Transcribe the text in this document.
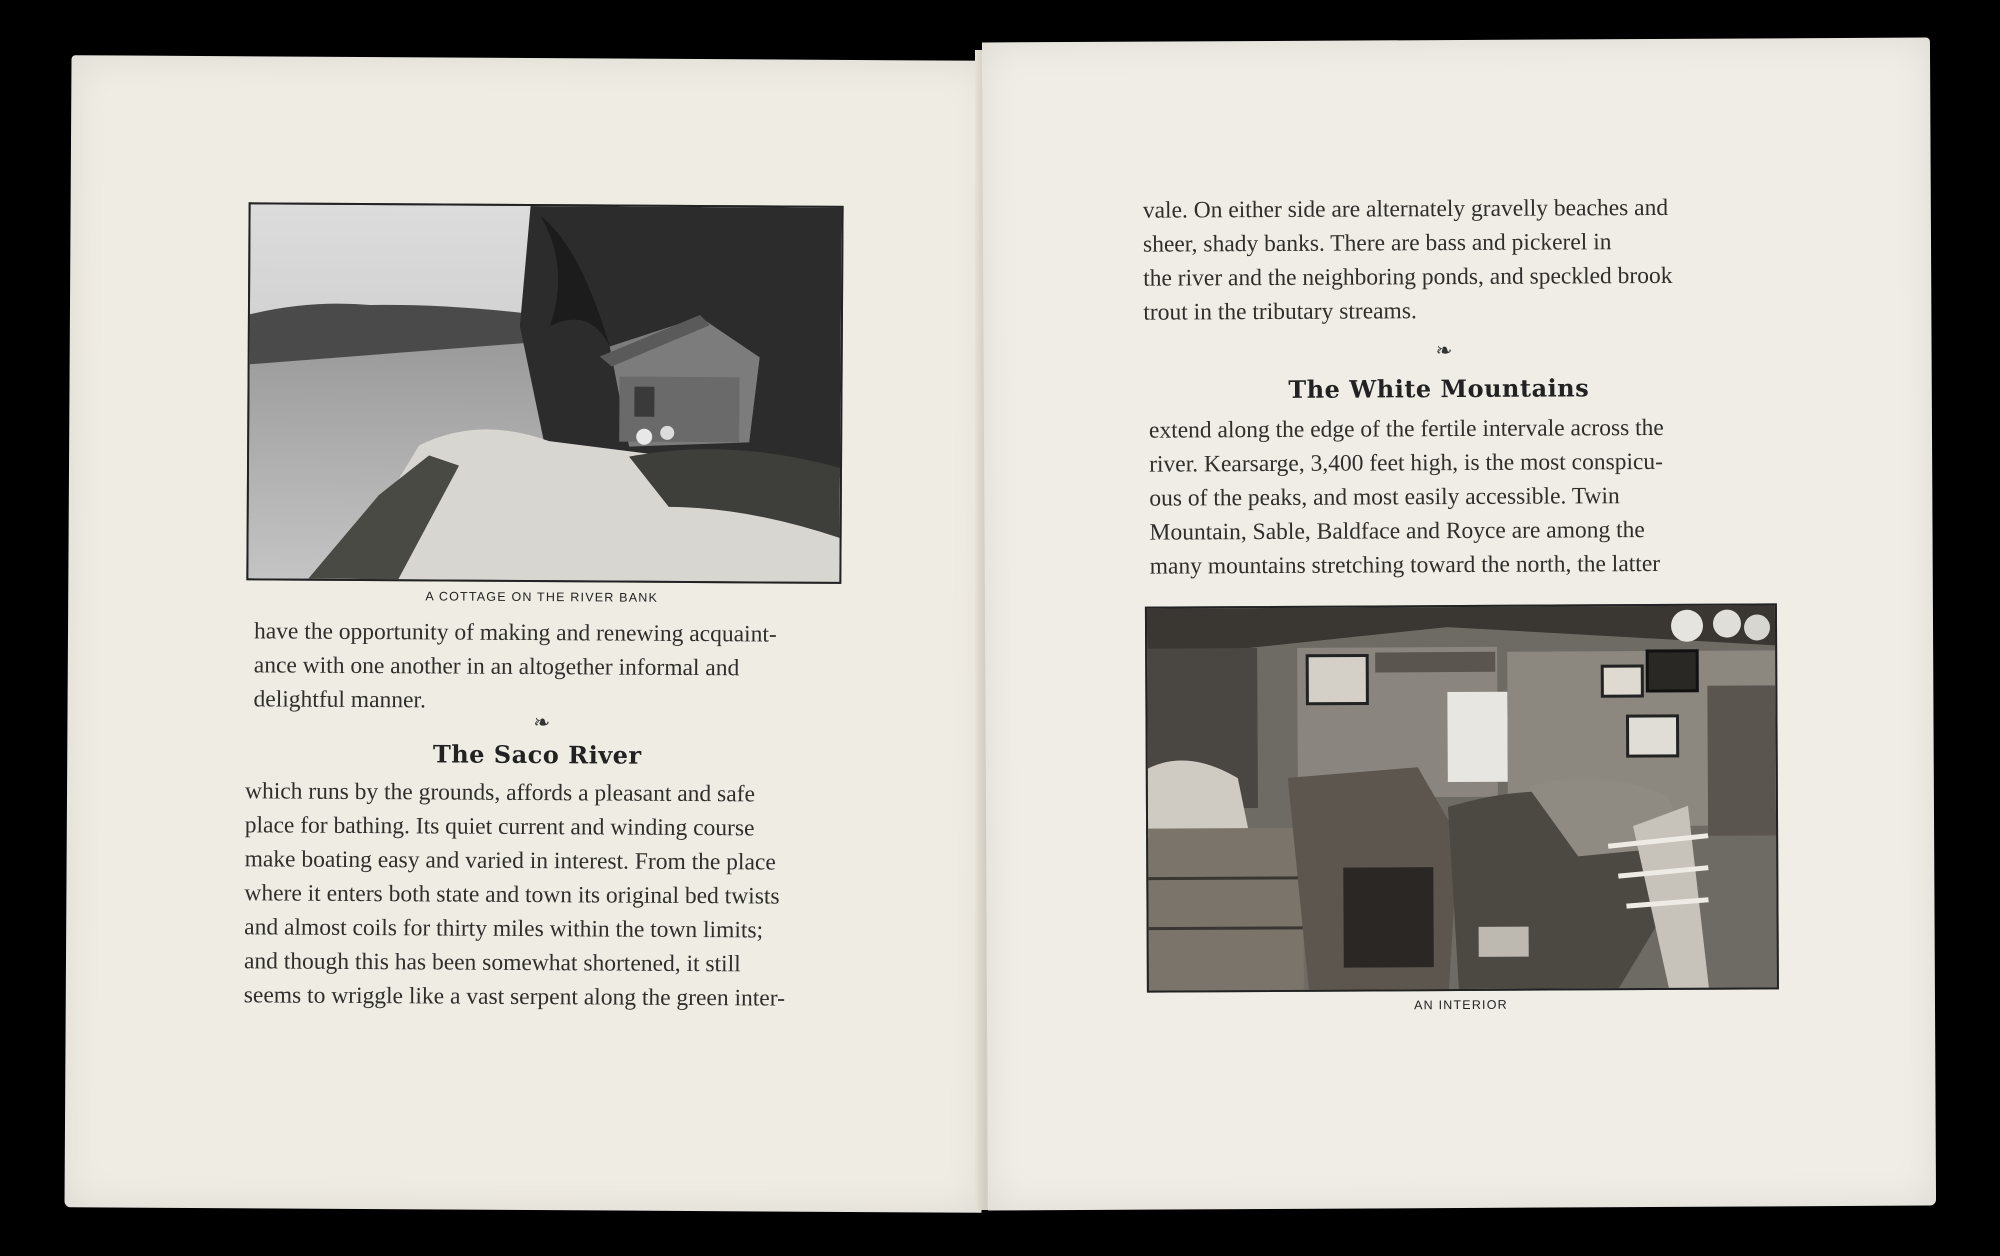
A COTTAGE ON THE RIVER BANK

have the opportunity of making and renewing acquaint-

ance with one another in an altogether informal and

delightful manner.

❧
The Saco River

which runs by the grounds, affords a pleasant and safe

place for bathing. Its quiet current and winding course

make boating easy and varied in interest. From the place

where it enters both state and town its original bed twists

and almost coils for thirty miles within the town limits;

and though this has been somewhat shortened, it still

seems to wriggle like a vast serpent along the green inter-

vale. On either side are alternately gravelly beaches and

sheer, shady banks. There are bass and pickerel in

the river and the neighboring ponds, and speckled brook

trout in the tributary streams.

❧
The White Mountains

extend along the edge of the fertile intervale across the

river. Kearsarge, 3,400 feet high, is the most conspicu-

ous of the peaks, and most easily accessible. Twin

Mountain, Sable, Baldface and Royce are among the

many mountains stretching toward the north, the latter

AN INTERIOR
